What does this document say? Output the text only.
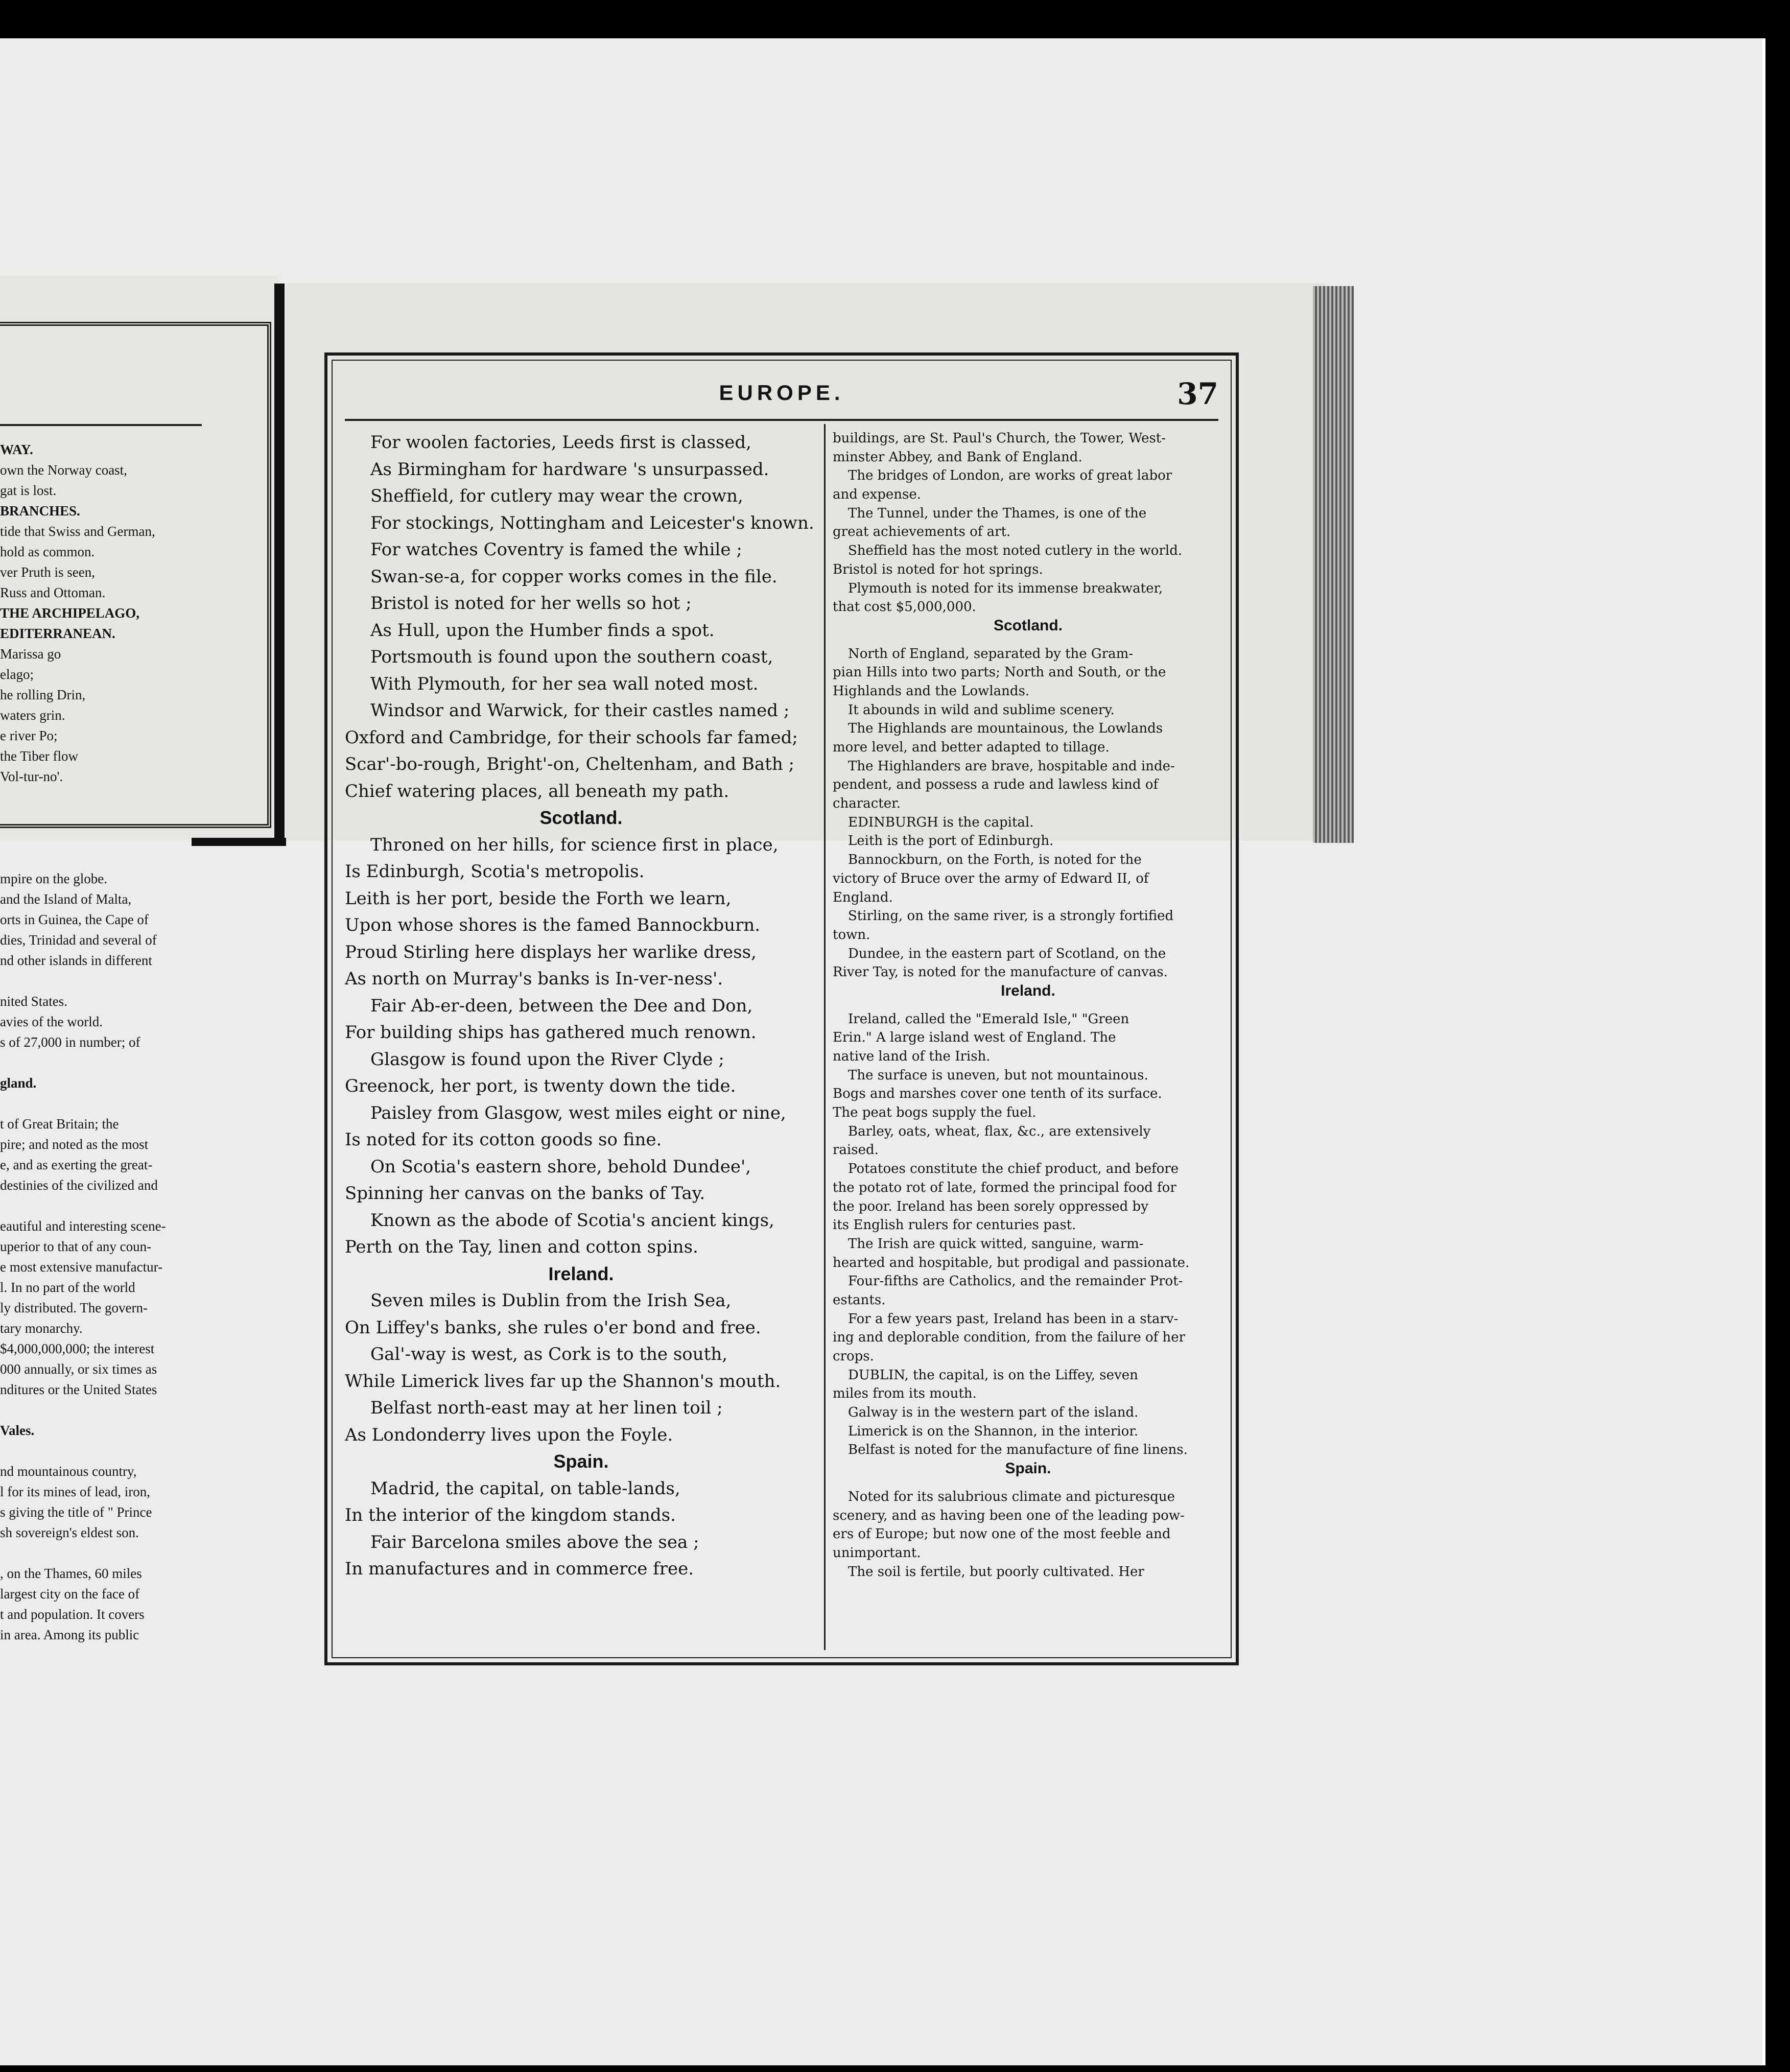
WAY.
own the Norway coast,
gat is lost.
BRANCHES.
tide that Swiss and German,
hold as common.
ver Pruth is seen,
Russ and Ottoman.
THE ARCHIPELAGO,
EDITERRANEAN.
Marissa go
elago;
he rolling Drin,
waters grin.
e river Po;
the Tiber flow
Vol-tur-no'.
mpire on the globe.
and the Island of Malta,
orts in Guinea, the Cape of
dies, Trinidad and several of
nd other islands in different
nited States.
avies of the world.
s of 27,000 in number; of
gland.
t of Great Britain; the
pire; and noted as the most
e, and as exerting the great-
destinies of the civilized and
eautiful and interesting scene-
uperior to that of any coun-
e most extensive manufactur-
l. In no part of the world
ly distributed. The govern-
tary monarchy.
$4,000,000,000; the interest
000 annually, or six times as
nditures or the United States
Vales.
nd mountainous country,
l for its mines of lead, iron,
s giving the title of " Prince
sh sovereign's eldest son.
, on the Thames, 60 miles
largest city on the face of
t and population. It covers
in area. Among its public
EUROPE.	37
For woolen factories, Leeds first is classed,
As Birmingham for hardware 's unsurpassed.
Sheffield, for cutlery may wear the crown,
For stockings, Nottingham and Leicester's known.
For watches Coventry is famed the while ;
Swan-se-a, for copper works comes in the file.
Bristol is noted for her wells so hot ;
As Hull, upon the Humber finds a spot.
Portsmouth is found upon the southern coast,
With Plymouth, for her sea wall noted most.
Windsor and Warwick, for their castles named ;
Oxford and Cambridge, for their schools far famed;
Scar'-bo-rough, Bright'-on, Cheltenham, and Bath ;
Chief watering places, all beneath my path.
Scotland.
Throned on her hills, for science first in place,
Is Edinburgh, Scotia's metropolis.
Leith is her port, beside the Forth we learn,
Upon whose shores is the famed Bannockburn.
Proud Stirling here displays her warlike dress,
As north on Murray's banks is In-ver-ness'.
Fair Ab-er-deen, between the Dee and Don,
For building ships has gathered much renown.
Glasgow is found upon the River Clyde ;
Greenock, her port, is twenty down the tide.
Paisley from Glasgow, west miles eight or nine,
Is noted for its cotton goods so fine.
On Scotia's eastern shore, behold Dundee',
Spinning her canvas on the banks of Tay.
Known as the abode of Scotia's ancient kings,
Perth on the Tay, linen and cotton spins.
Ireland.
Seven miles is Dublin from the Irish Sea,
On Liffey's banks, she rules o'er bond and free.
Gal'-way is west, as Cork is to the south,
While Limerick lives far up the Shannon's mouth.
Belfast north-east may at her linen toil ;
As Londonderry lives upon the Foyle.
Spain.
Madrid, the capital, on table-lands,
In the interior of the kingdom stands.
Fair Barcelona smiles above the sea ;
In manufactures and in commerce free.
buildings, are St. Paul's Church, the Tower, West-
minster Abbey, and Bank of England.
The bridges of London, are works of great labor
and expense.
The Tunnel, under the Thames, is one of the
great achievements of art.
Sheffield has the most noted cutlery in the world.
Bristol is noted for hot springs.
Plymouth is noted for its immense breakwater,
that cost $5,000,000.
Scotland.
North of England, separated by the Gram-
pian Hills into two parts; North and South, or the
Highlands and the Lowlands.
It abounds in wild and sublime scenery.
The Highlands are mountainous, the Lowlands
more level, and better adapted to tillage.
The Highlanders are brave, hospitable and inde-
pendent, and possess a rude and lawless kind of
character.
EDINBURGH is the capital.
Leith is the port of Edinburgh.
Bannockburn, on the Forth, is noted for the
victory of Bruce over the army of Edward II, of
England.
Stirling, on the same river, is a strongly fortified
town.
Dundee, in the eastern part of Scotland, on the
River Tay, is noted for the manufacture of canvas.
Ireland.
Ireland, called the "Emerald Isle," "Green
Erin." A large island west of England. The
native land of the Irish.
The surface is uneven, but not mountainous.
Bogs and marshes cover one tenth of its surface.
The peat bogs supply the fuel.
Barley, oats, wheat, flax, &c., are extensively
raised.
Potatoes constitute the chief product, and before
the potato rot of late, formed the principal food for
the poor. Ireland has been sorely oppressed by
its English rulers for centuries past.
The Irish are quick witted, sanguine, warm-
hearted and hospitable, but prodigal and passionate.
Four-fifths are Catholics, and the remainder Prot-
estants.
For a few years past, Ireland has been in a starv-
ing and deplorable condition, from the failure of her
crops.
DUBLIN, the capital, is on the Liffey, seven
miles from its mouth.
Galway is in the western part of the island.
Limerick is on the Shannon, in the interior.
Belfast is noted for the manufacture of fine linens.
Spain.
Noted for its salubrious climate and picturesque
scenery, and as having been one of the leading pow-
ers of Europe; but now one of the most feeble and
unimportant.
The soil is fertile, but poorly cultivated. Her
